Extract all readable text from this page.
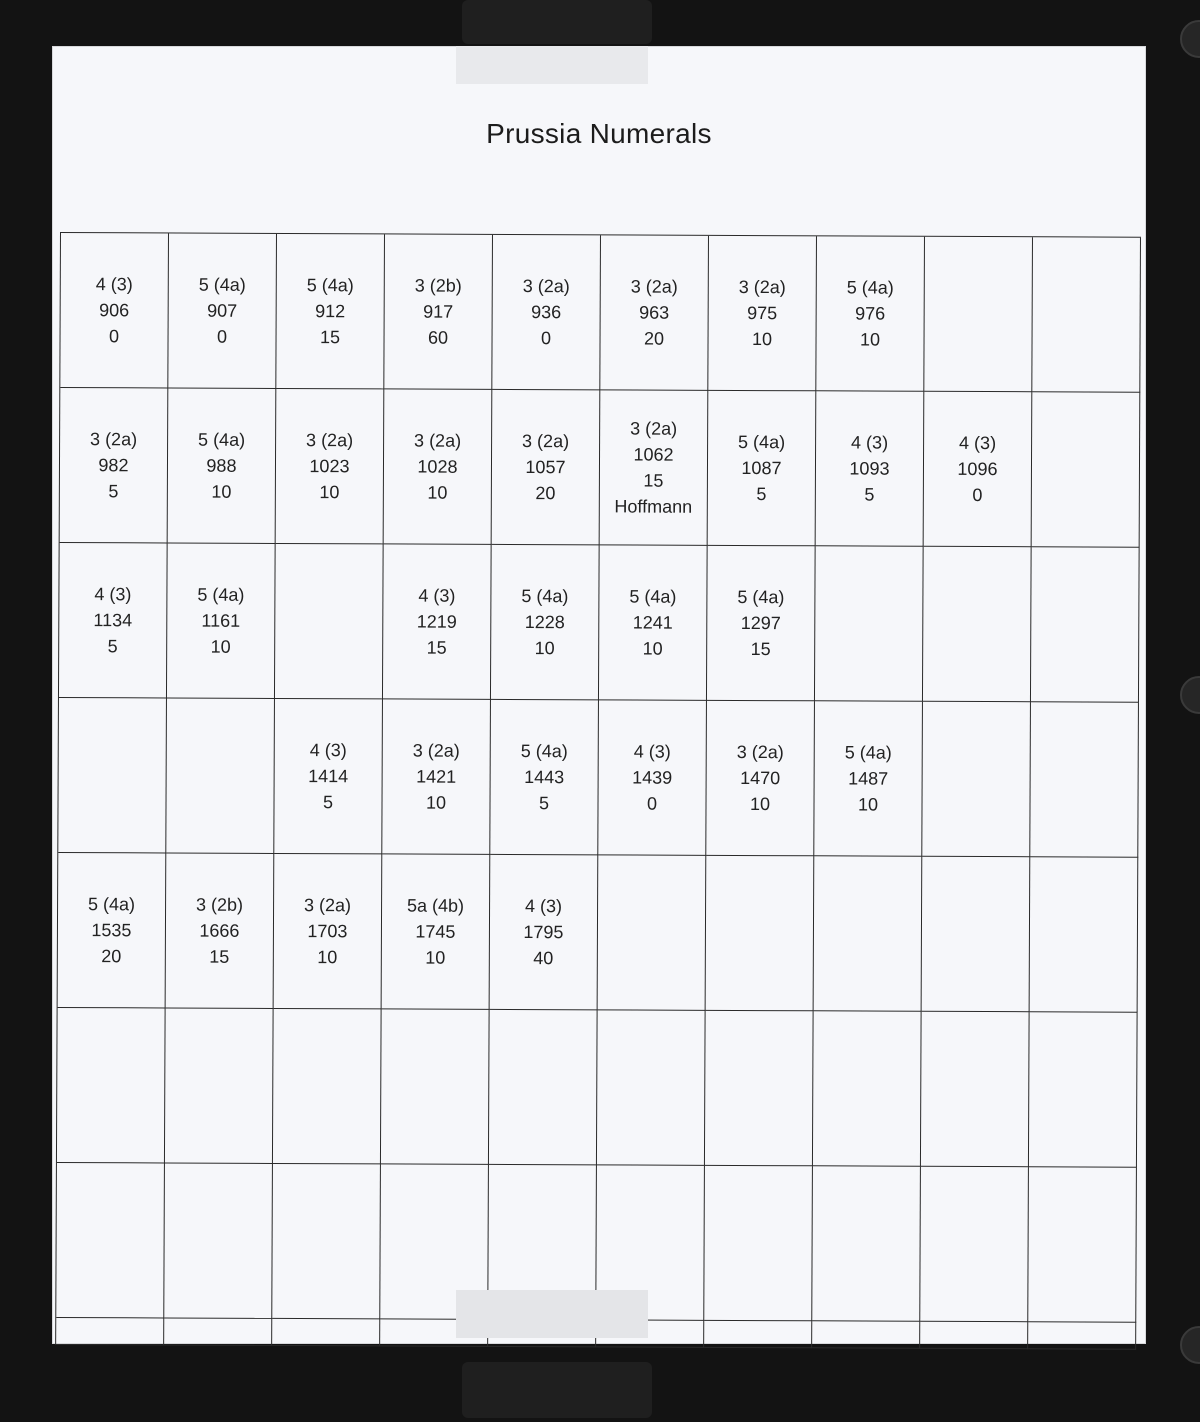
Prussia Numerals
4 (3)
906
0
5 (4a)
907
0
5 (4a)
912
15
3 (2b)
917
60
3 (2a)
936
0
3 (2a)
963
20
3 (2a)
975
10
5 (4a)
976
10
3 (2a)
982
5
5 (4a)
988
10
3 (2a)
1023
10
3 (2a)
1028
10
3 (2a)
1057
20
3 (2a)
1062
15
Hoffmann
5 (4a)
1087
5
4 (3)
1093
5
4 (3)
1096
0
4 (3)
1134
5
5 (4a)
1161
10
4 (3)
1219
15
5 (4a)
1228
10
5 (4a)
1241
10
5 (4a)
1297
15
4 (3)
1414
5
3 (2a)
1421
10
5 (4a)
1443
5
4 (3)
1439
0
3 (2a)
1470
10
5 (4a)
1487
10
5 (4a)
1535
20
3 (2b)
1666
15
3 (2a)
1703
10
5a (4b)
1745
10
4 (3)
1795
40
